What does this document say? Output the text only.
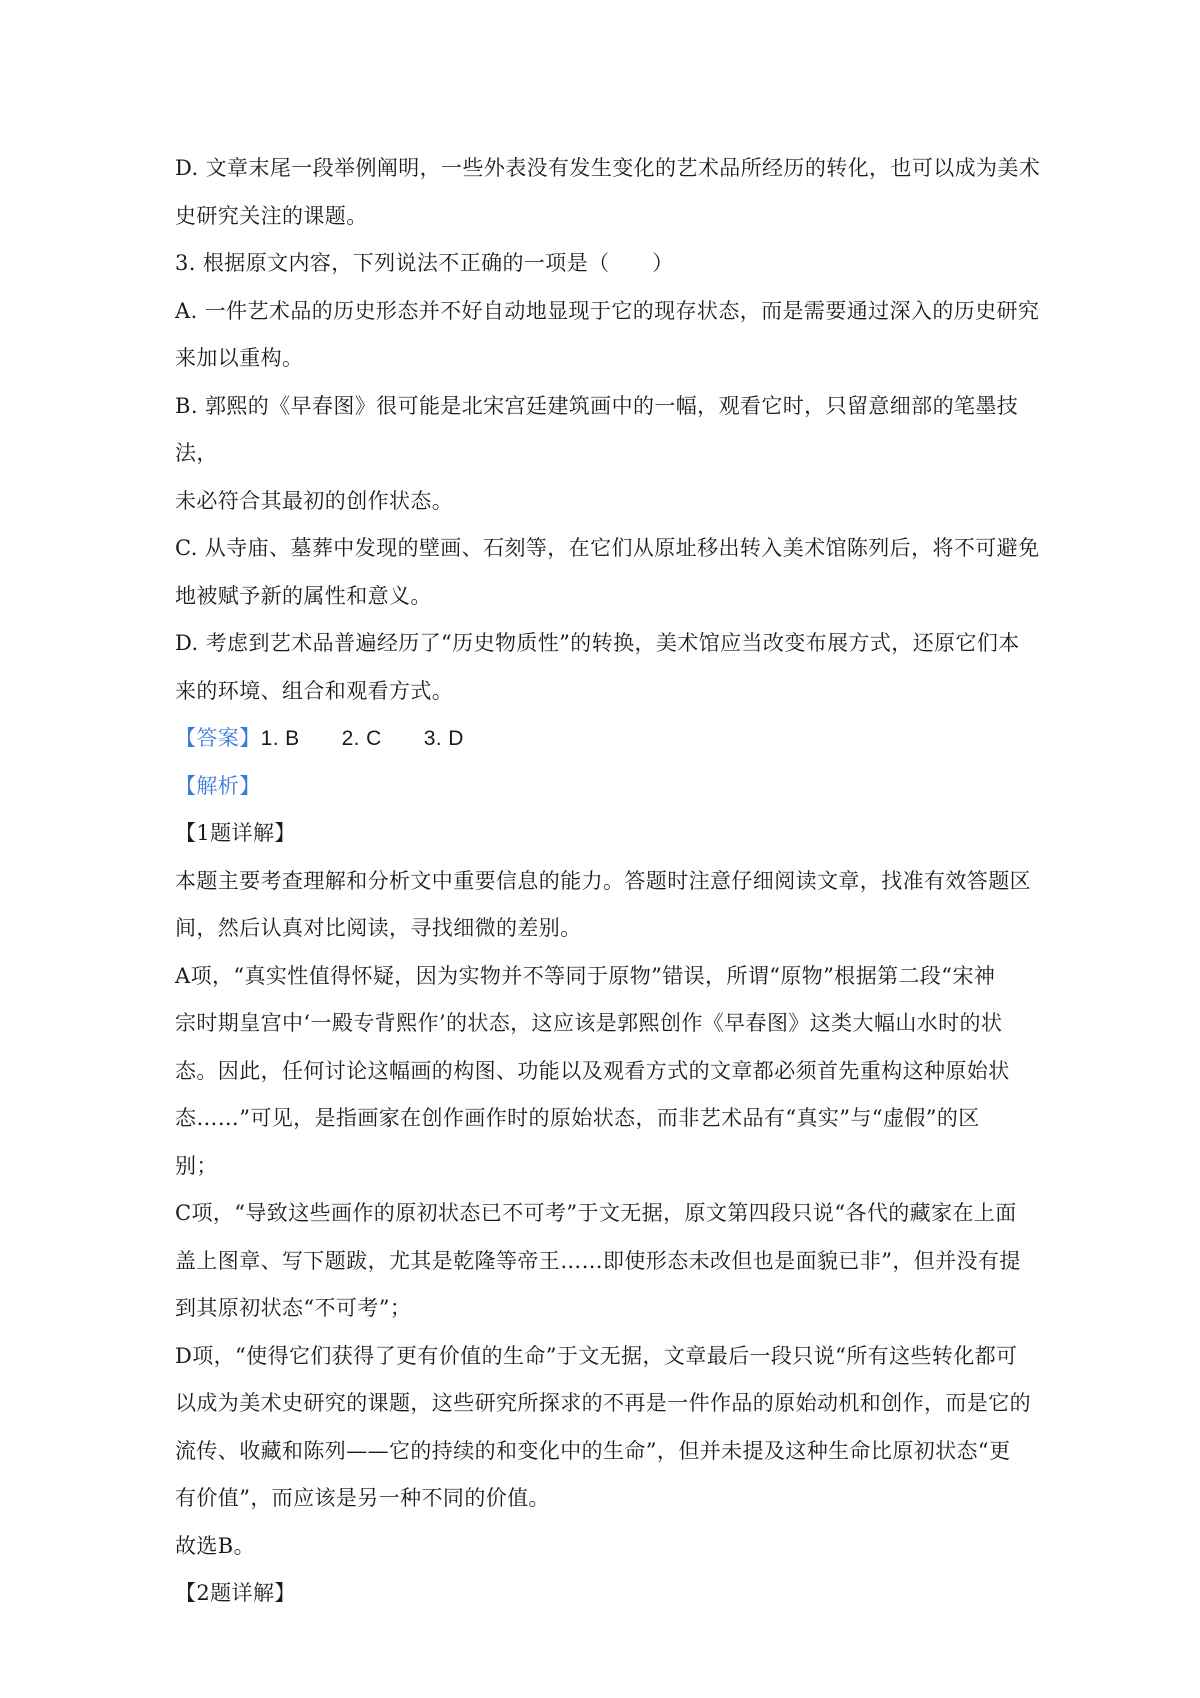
D. 文章末尾一段举例阐明，一些外表没有发生变化的艺术品所经历的转化，也可以成为美术

史研究关注的课题。

3. 根据原文内容，下列说法不正确的一项是（　　）

A. 一件艺术品的历史形态并不好自动地显现于它的现存状态，而是需要通过深入的历史研究

来加以重构。

B. 郭熙的《早春图》很可能是北宋宫廷建筑画中的一幅，观看它时，只留意细部的笔墨技法，

未必符合其最初的创作状态。

C. 从寺庙、墓葬中发现的壁画、石刻等，在它们从原址移出转入美术馆陈列后，将不可避免

地被赋予新的属性和意义。

D. 考虑到艺术品普遍经历了“历史物质性”的转换，美术馆应当改变布展方式，还原它们本

来的环境、组合和观看方式。

【答案】1. B 2. C 3. D

【解析】

【1题详解】

本题主要考查理解和分析文中重要信息的能力。答题时注意仔细阅读文章，找准有效答题区

间，然后认真对比阅读，寻找细微的差别。

A项，“真实性值得怀疑，因为实物并不等同于原物”错误，所谓“原物”根据第二段“宋神

宗时期皇宫中‘一殿专背熙作’的状态，这应该是郭熙创作《早春图》这类大幅山水时的状

态。因此，任何讨论这幅画的构图、功能以及观看方式的文章都必须首先重构这种原始状

态……”可见，是指画家在创作画作时的原始状态，而非艺术品有“真实”与“虚假”的区

别；

C项，“导致这些画作的原初状态已不可考”于文无据，原文第四段只说“各代的藏家在上面

盖上图章、写下题跋，尤其是乾隆等帝王……即使形态未改但也是面貌已非”，但并没有提

到其原初状态“不可考”；

D项，“使得它们获得了更有价值的生命”于文无据，文章最后一段只说“所有这些转化都可

以成为美术史研究的课题，这些研究所探求的不再是一件作品的原始动机和创作，而是它的

流传、收藏和陈列——它的持续的和变化中的生命”，但并未提及这种生命比原初状态“更

有价值”，而应该是另一种不同的价值。

故选B。

【2题详解】
